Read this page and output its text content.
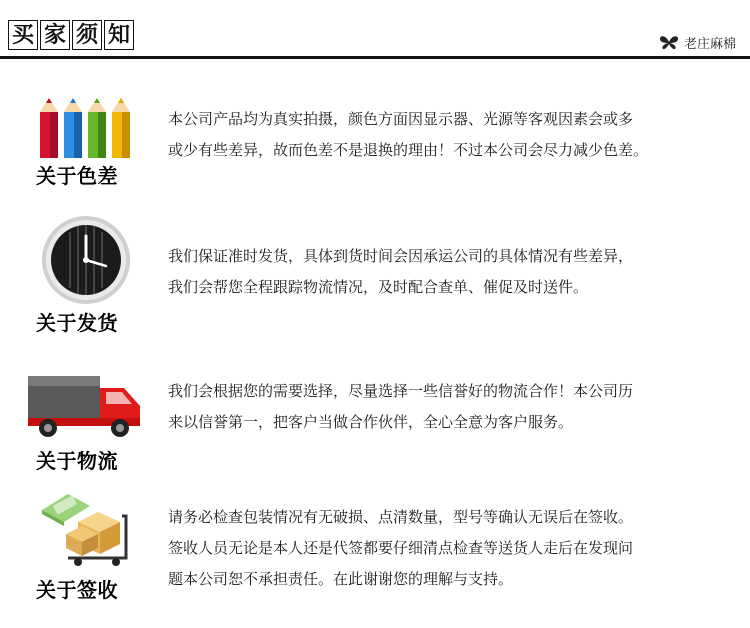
买 家 须 知	老庄麻棉
关于色差

本公司产品均为真实拍摄，颜色方面因显示器、光源等客观因素会或多

或少有些差异，故而色差不是退换的理由！不过本公司会尽力减少色差。

关于发货

我们保证准时发货，具体到货时间会因承运公司的具体情况有些差异，

我们会帮您全程跟踪物流情况，及时配合查单、催促及时送件。

关于物流

我们会根据您的需要选择，尽量选择一些信誉好的物流合作！本公司历

来以信誉第一，把客户当做合作伙伴，全心全意为客户服务。

关于签收

请务必检查包装情况有无破损、点清数量，型号等确认无误后在签收。

签收人员无论是本人还是代签都要仔细清点检查等送货人走后在发现问

题本公司恕不承担责任。在此谢谢您的理解与支持。
